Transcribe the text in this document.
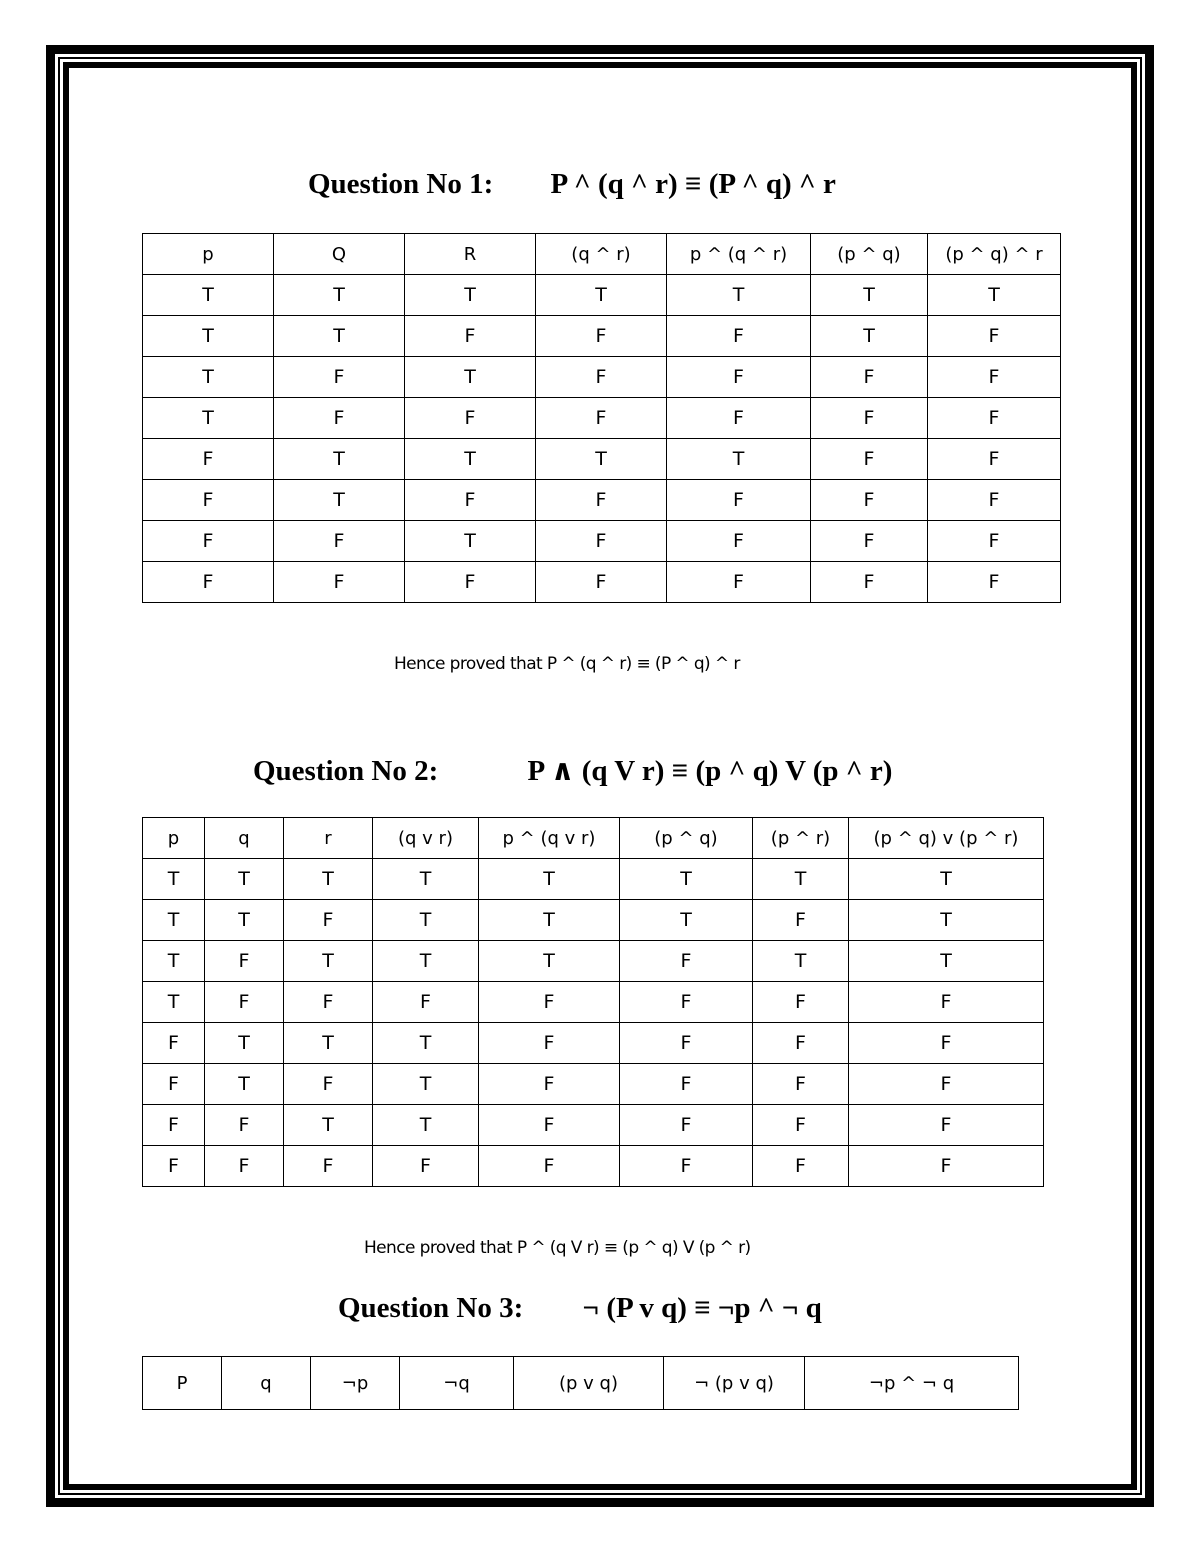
Question No 1: P ^ (q ^ r) ≡ (P ^ q) ^ r
p	Q	R	(q ^ r)	p ^ (q ^ r)	(p ^ q)	(p ^ q) ^ r
T	T	T	T	T	T	T
T	T	F	F	F	T	F
T	F	T	F	F	F	F
T	F	F	F	F	F	F
F	T	T	T	T	F	F
F	T	F	F	F	F	F
F	F	T	F	F	F	F
F	F	F	F	F	F	F
Hence proved that P ^ (q ^ r) ≡ (P ^ q) ^ r
Question No 2:	P ∧ (q V r) ≡ (p ^ q) V (p ^ r)
p	q	r	(q v r)	p ^ (q v r)	(p ^ q)	(p ^ r)	(p ^ q) v (p ^ r)
T	T	T	T	T	T	T	T
T	T	F	T	T	T	F	T
T	F	T	T	T	F	T	T
T	F	F	F	F	F	F	F
F	T	T	T	F	F	F	F
F	T	F	T	F	F	F	F
F	F	T	T	F	F	F	F
F	F	F	F	F	F	F	F
Hence proved that P ^ (q V r) ≡ (p ^ q) V (p ^ r)
Question No 3: ¬ (P v q) ≡ ¬p ^ ¬ q
P	q	¬p	¬q	(p v q)	¬ (p v q)	¬p ^ ¬ q
